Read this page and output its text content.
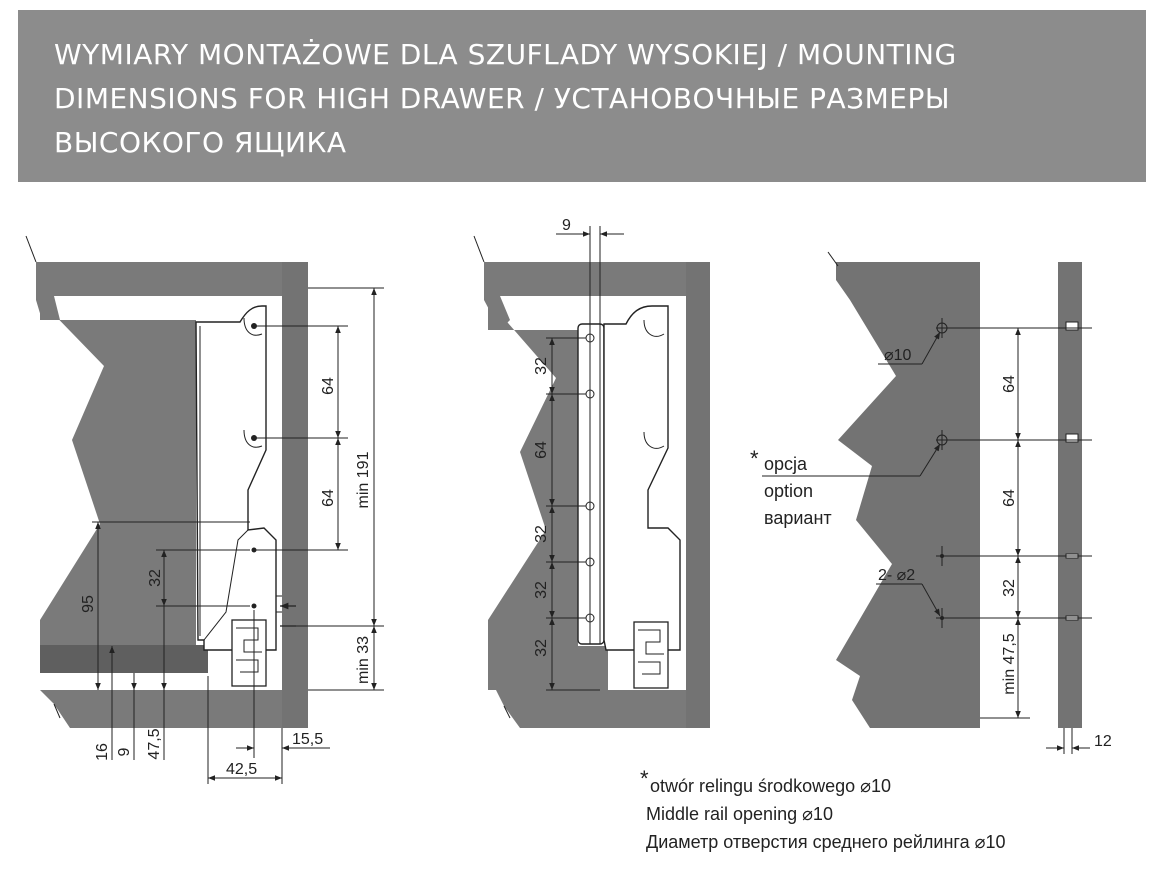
WYMIARY MONTAŻOWE DLA SZUFLADY WYSOKIEJ / MOUNTING
DIMENSIONS FOR HIGH DRAWER / УСТАНОВОЧНЫЕ РАЗМЕРЫ
ВЫСОКОГО ЯЩИКА
64
64 min 191
min 33
32
95
16 9 47,5	15,5
42,5
9
32
64
32
32
32
64
64
32
min 47,5
12
⌀10
* opcja
option
вариант
2- ⌀2
* otwór relingu środkowego ⌀10
Middle rail opening ⌀10
Диаметр отверстия среднего рейлинга ⌀10
